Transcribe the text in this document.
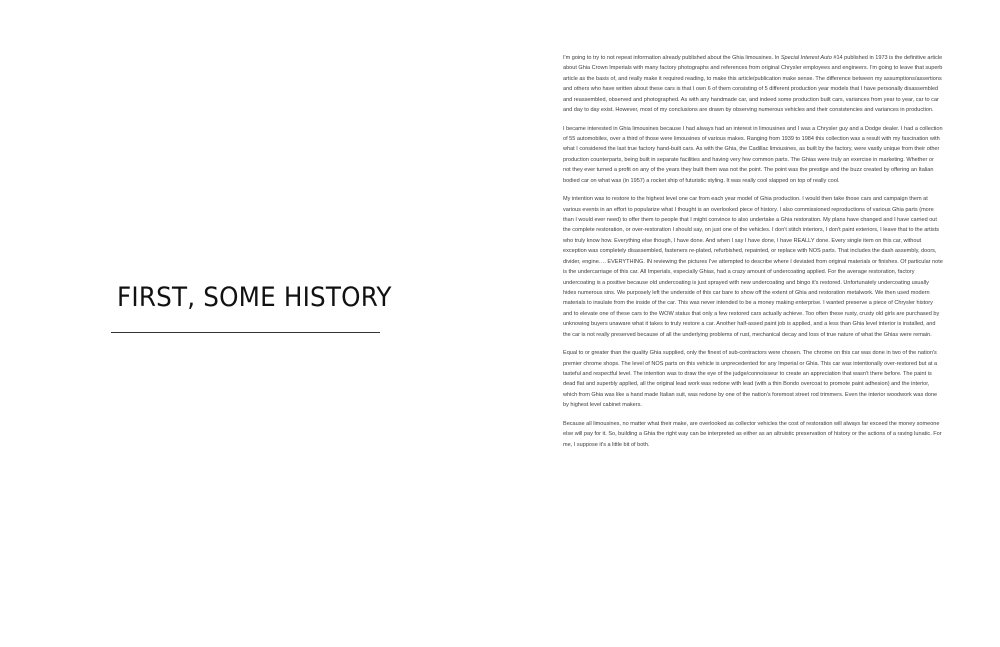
FIRST, SOME HISTORY

I'm going to try to not repeat information already published about the Ghia limousines. In Special Interest Auto #14 published in 1973 is the definitive article about Ghia Crown Imperials with many factory photographs and references from original Chrysler employees and engineers. I'm going to leave that superb article as the basis of, and really make it required reading, to make this article/publication make sense. The difference between my assumptions/assertions and others who have written about these cars is that I own 6 of them consisting of 5 different production year models that I have personally disassembled and reassembled, observed and photographed. As with any handmade car, and indeed some production built cars, variances from year to year, car to car and day to day exist. However, most of my conclusions are drawn by observing numerous vehicles and their consistencies and variances in production.

I became interested in Ghia limousines because I had always had an interest in limousines and I was a Chrysler guy and a Dodge dealer. I had a collection of 55 automobiles, over a third of those were limousines of various makes. Ranging from 1939 to 1984 this collection was a result with my fascination with what I considered the last true factory hand-built cars. As with the Ghia, the Cadillac limousines, as built by the factory, were vastly unique from their other production counterparts, being built in separate facilities and having very few common parts. The Ghias were truly an exercise in marketing. Whether or not they ever turned a profit on any of the years they built them was not the point. The point was the prestige and the buzz created by offering an Italian bodied car on what was (in 1957) a rocket ship of futuristic styling. It was really cool slapped on top of really cool.

My intention was to restore to the highest level one car from each year model of Ghia production. I would then take those cars and campaign them at various events in an effort to popularize what I thought is an overlooked piece of history. I also commissioned reproductions of various Ghia parts (more than I would ever need) to offer them to people that I might convince to also undertake a Ghia restoration. My plans have changed and I have carried out the complete restoration, or over-restoration I should say, on just one of the vehicles. I don't stitch interiors, I don't paint exteriors, I leave that to the artists who truly know how. Everything else though, I have done. And when I say I have done, I have REALLY done. Every single item on this car, without exception was completely disassembled, fasteners re-plated, refurbished, repainted, or replace with NOS parts. That includes the dash assembly, doors, divider, engine…. EVERYTHING. IN reviewing the pictures I've attempted to describe where I deviated from original materials or finishes. Of particular note is the undercarriage of this car. All Imperials, especially Ghias, had a crazy amount of undercoating applied. For the average restoration, factory undercoating is a positive because old undercoating is just sprayed with new undercoating and bingo it's restored. Unfortunately undercoating usually hides numerous sins. We purposely left the underside of this car bare to show off the extent of Ghia and restoration metalwork. We then used modern materials to insulate from the inside of the car. This was never intended to be a money making enterprise. I wanted preserve a piece of Chrysler history and to elevate one of these cars to the WOW status that only a few restored cars actually achieve. Too often these rusty, crusty old girls are purchased by unknowing buyers unaware what it takes to truly restore a car. Another half-assed paint job is applied, and a less than Ghia level interior is installed, and the car is not really preserved because of all the underlying problems of rust, mechanical decay and loss of true nature of what the Ghias were remain.

Equal to or greater than the quality Ghia supplied, only the finest of sub-contractors were chosen. The chrome on this car was done in two of the nation's premier chrome shops. The level of NOS parts on this vehicle is unprecedented for any Imperial or Ghia. This car was intentionally over-restored but at a tasteful and respectful level. The intention was to draw the eye of the judge/connoisseur to create an appreciation that wasn't there before. The paint is dead flat and superbly applied, all the original lead work was redone with lead (with a thin Bondo overcoat to promote paint adhesion) and the interior, which from Ghia was like a hand made Italian suit, was redone by one of the nation's foremost street rod trimmers. Even the interior woodwork was done by highest level cabinet makers.

Because all limousines, no matter what their make, are overlooked as collector vehicles the cost of restoration will always far exceed the money someone else will pay for it. So, building a Ghia the right way can be interpreted as either as an altruistic preservation of history or the actions of a raving lunatic. For me, I suppose it's a little bit of both.
